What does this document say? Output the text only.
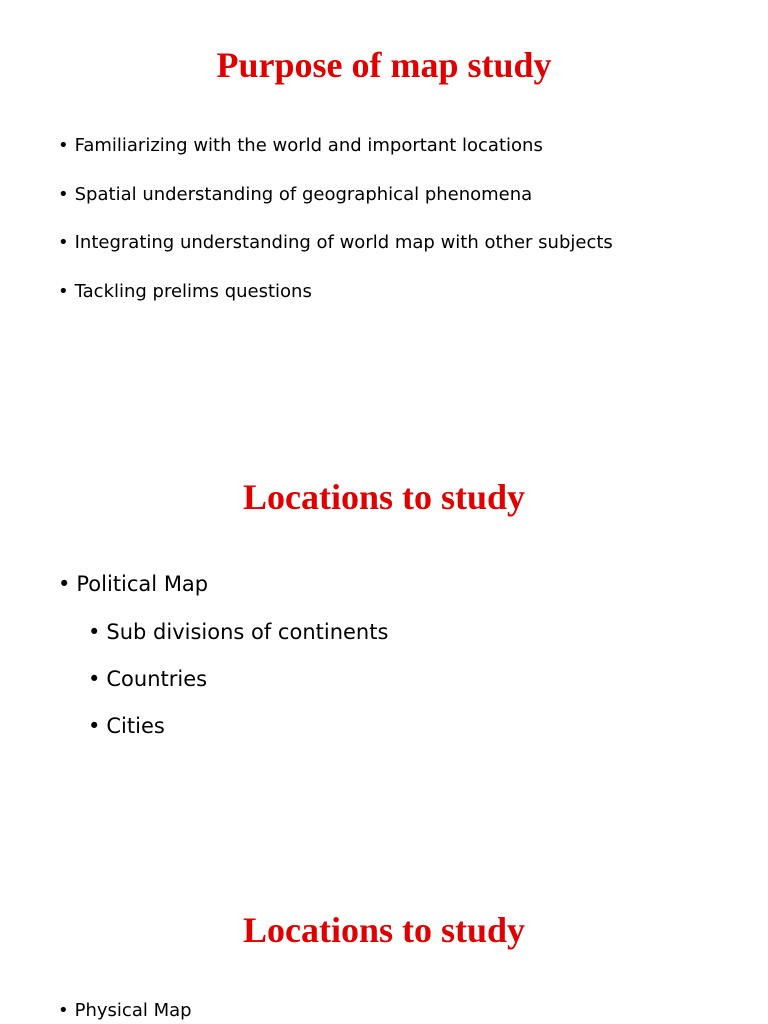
Purpose of map study
• Familiarizing with the world and important locations
• Spatial understanding of geographical phenomena
• Integrating understanding of world map with other subjects
• Tackling prelims questions
Locations to study
• Political Map
• Sub divisions of continents
• Countries
• Cities
Locations to study
• Physical Map
